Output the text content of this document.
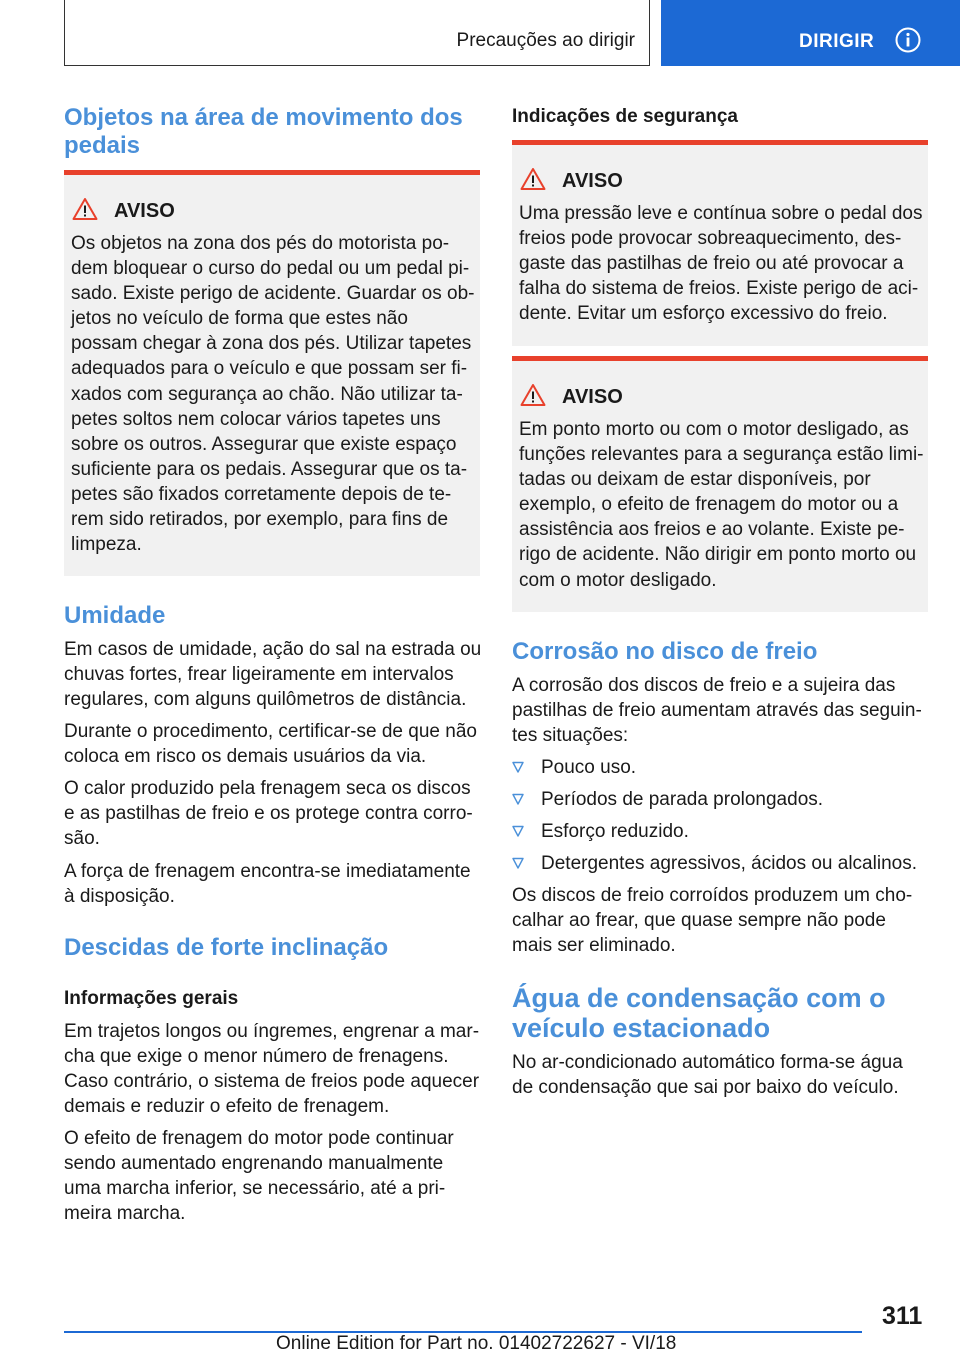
Precauções ao dirigir	DIRIGIR
Objetos na área de movimento dos pedais
AVISO

Os objetos na zona dos pés do motorista po-dem bloquear o curso do pedal ou um pedal pi-sado. Existe perigo de acidente. Guardar os ob-jetos no veículo de forma que estes não possam chegar à zona dos pés. Utilizar tapetes adequados para o veículo e que possam ser fi-xados com segurança ao chão. Não utilizar ta-petes soltos nem colocar vários tapetes uns sobre os outros. Assegurar que existe espaço suficiente para os pedais. Assegurar que os ta-petes são fixados corretamente depois de te-rem sido retirados, por exemplo, para fins de limpeza.

Umidade

Em casos de umidade, ação do sal na estrada ou chuvas fortes, frear ligeiramente em intervalos regulares, com alguns quilômetros de distância.

Durante o procedimento, certificar-se de que não coloca em risco os demais usuários da via.

O calor produzido pela frenagem seca os discos e as pastilhas de freio e os protege contra corro-são.

A força de frenagem encontra-se imediatamente à disposição.

Descidas de forte inclinação
Informações gerais

Em trajetos longos ou íngremes, engrenar a mar-cha que exige o menor número de frenagens. Caso contrário, o sistema de freios pode aquecer demais e reduzir o efeito de frenagem.

O efeito de frenagem do motor pode continuar sendo aumentado engrenando manualmente uma marcha inferior, se necessário, até a pri-meira marcha.

Indicações de segurança
AVISO

Uma pressão leve e contínua sobre o pedal dos freios pode provocar sobreaquecimento, des-gaste das pastilhas de freio ou até provocar a falha do sistema de freios. Existe perigo de aci-dente. Evitar um esforço excessivo do freio.

AVISO

Em ponto morto ou com o motor desligado, as funções relevantes para a segurança estão limi-tadas ou deixam de estar disponíveis, por exemplo, o efeito de frenagem do motor ou a assistência aos freios e ao volante. Existe pe-rigo de acidente. Não dirigir em ponto morto ou com o motor desligado.

Corrosão no disco de freio

A corrosão dos discos de freio e a sujeira das pastilhas de freio aumentam através das seguin-tes situações:

Pouco uso.
Períodos de parada prolongados.
Esforço reduzido.
Detergentes agressivos, ácidos ou alcalinos.

Os discos de freio corroídos produzem um cho-calhar ao frear, que quase sempre não pode mais ser eliminado.

Água de condensação com o veículo estacionado

No ar-condicionado automático forma-se água de condensação que sai por baixo do veículo.

311
Online Edition for Part no. 01402722627 - VI/18
